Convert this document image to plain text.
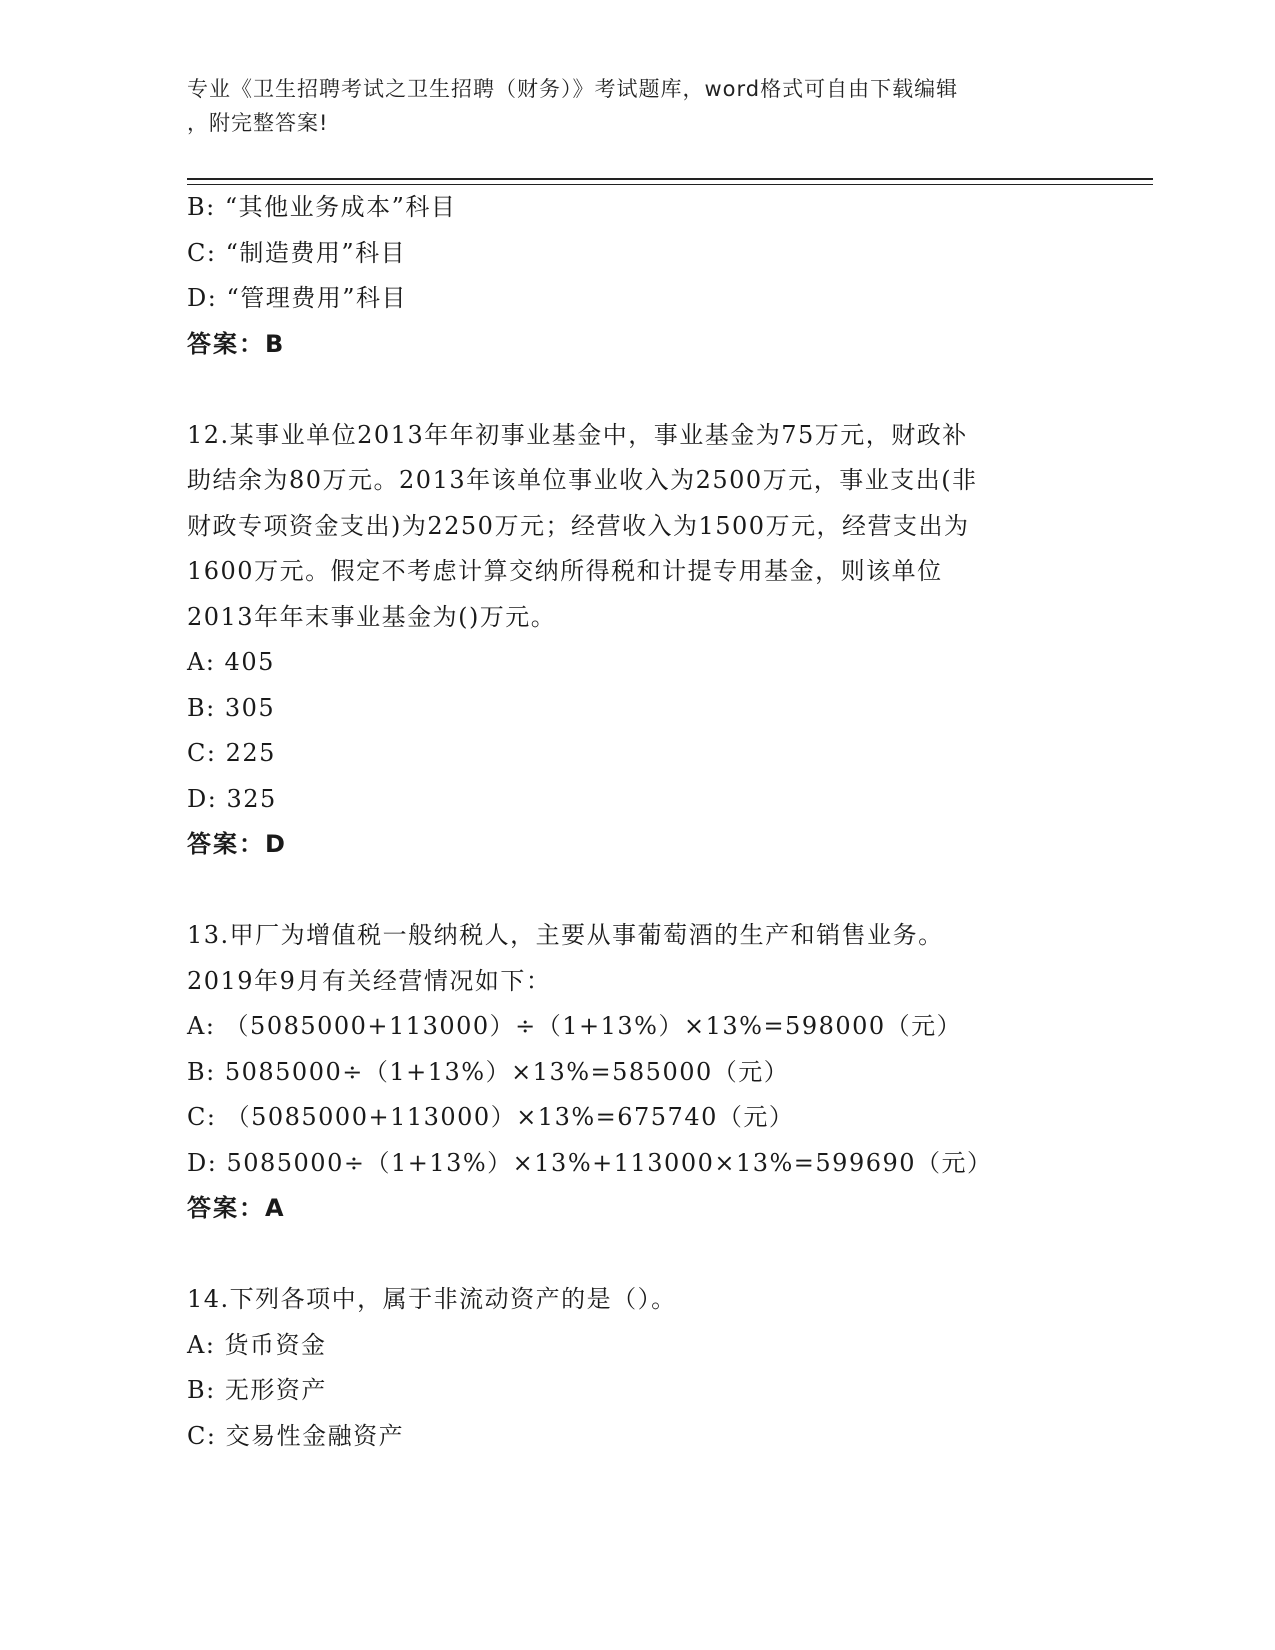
专业《卫生招聘考试之卫生招聘（财务）》考试题库，word格式可自由下载编辑
，附完整答案!
B: “其他业务成本”科目
C: “制造费用”科目
D: “管理费用”科目
答案：B
12.某事业单位2013年年初事业基金中，事业基金为75万元，财政补
助结余为80万元。2013年该单位事业收入为2500万元，事业支出(非
财政专项资金支出)为2250万元；经营收入为1500万元，经营支出为
1600万元。假定不考虑计算交纳所得税和计提专用基金，则该单位
2013年年末事业基金为()万元。
A: 405
B: 305
C: 225
D: 325
答案：D
13.甲厂为增值税一般纳税人，主要从事葡萄酒的生产和销售业务。
2019年9月有关经营情况如下：
A: （5085000+113000）÷（1+13%）×13%=598000（元）
B: 5085000÷（1+13%）×13%=585000（元）
C: （5085000+113000）×13%=675740（元）
D: 5085000÷（1+13%）×13%+113000×13%=599690（元）
答案：A
14.下列各项中，属于非流动资产的是（）。
A: 货币资金
B: 无形资产
C: 交易性金融资产
